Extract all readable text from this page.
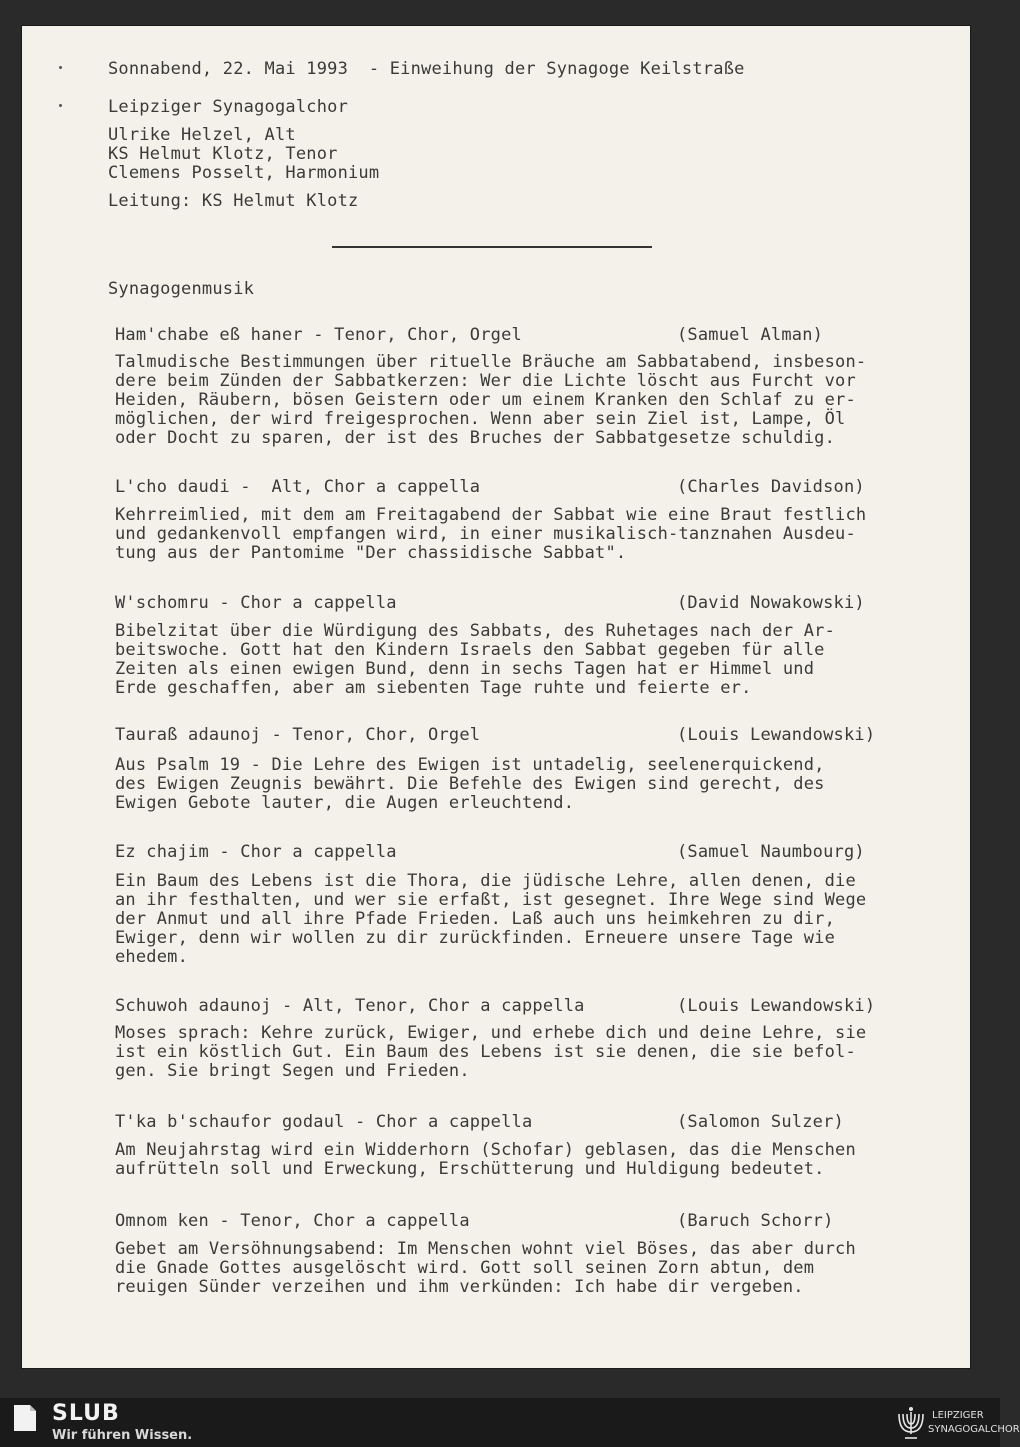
Sonnabend, 22. Mai 1993  - Einweihung der Synagoge Keilstraße
Leipziger Synagogalchor
Ulrike Helzel, Alt
KS Helmut Klotz, Tenor
Clemens Posselt, Harmonium
Leitung: KS Helmut Klotz
Synagogenmusik
Ham'chabe eß haner - Tenor, Chor, Orgel	(Samuel Alman)
Talmudische Bestimmungen über rituelle Bräuche am Sabbatabend, insbeson-
dere beim Zünden der Sabbatkerzen: Wer die Lichte löscht aus Furcht vor
Heiden, Räubern, bösen Geistern oder um einem Kranken den Schlaf zu er-
möglichen, der wird freigesprochen. Wenn aber sein Ziel ist, Lampe, Öl
oder Docht zu sparen, der ist des Bruches der Sabbatgesetze schuldig.
L'cho daudi -  Alt, Chor a cappella	(Charles Davidson)
Kehrreimlied, mit dem am Freitagabend der Sabbat wie eine Braut festlich
und gedankenvoll empfangen wird, in einer musikalisch-tanznahen Ausdeu-
tung aus der Pantomime "Der chassidische Sabbat".
W'schomru - Chor a cappella	(David Nowakowski)
Bibelzitat über die Würdigung des Sabbats, des Ruhetages nach der Ar-
beitswoche. Gott hat den Kindern Israels den Sabbat gegeben für alle
Zeiten als einen ewigen Bund, denn in sechs Tagen hat er Himmel und
Erde geschaffen, aber am siebenten Tage ruhte und feierte er.
Tauraß adaunoj - Tenor, Chor, Orgel	(Louis Lewandowski)
Aus Psalm 19 - Die Lehre des Ewigen ist untadelig, seelenerquickend,
des Ewigen Zeugnis bewährt. Die Befehle des Ewigen sind gerecht, des
Ewigen Gebote lauter, die Augen erleuchtend.
Ez chajim - Chor a cappella	(Samuel Naumbourg)
Ein Baum des Lebens ist die Thora, die jüdische Lehre, allen denen, die
an ihr festhalten, und wer sie erfaßt, ist gesegnet. Ihre Wege sind Wege
der Anmut und all ihre Pfade Frieden. Laß auch uns heimkehren zu dir,
Ewiger, denn wir wollen zu dir zurückfinden. Erneuere unsere Tage wie
ehedem.
Schuwoh adaunoj - Alt, Tenor, Chor a cappella	(Louis Lewandowski)
Moses sprach: Kehre zurück, Ewiger, und erhebe dich und deine Lehre, sie
ist ein köstlich Gut. Ein Baum des Lebens ist sie denen, die sie befol-
gen. Sie bringt Segen und Frieden.
T'ka b'schaufor godaul - Chor a cappella	(Salomon Sulzer)
Am Neujahrstag wird ein Widderhorn (Schofar) geblasen, das die Menschen
aufrütteln soll und Erweckung, Erschütterung und Huldigung bedeutet.
Omnom ken - Tenor, Chor a cappella	(Baruch Schorr)
Gebet am Versöhnungsabend: Im Menschen wohnt viel Böses, das aber durch
die Gnade Gottes ausgelöscht wird. Gott soll seinen Zorn abtun, dem
reuigen Sünder verzeihen und ihm verkünden: Ich habe dir vergeben.
SLUB
Wir führen Wissen.
LEIPZIGER
SYNAGOGALCHOR
